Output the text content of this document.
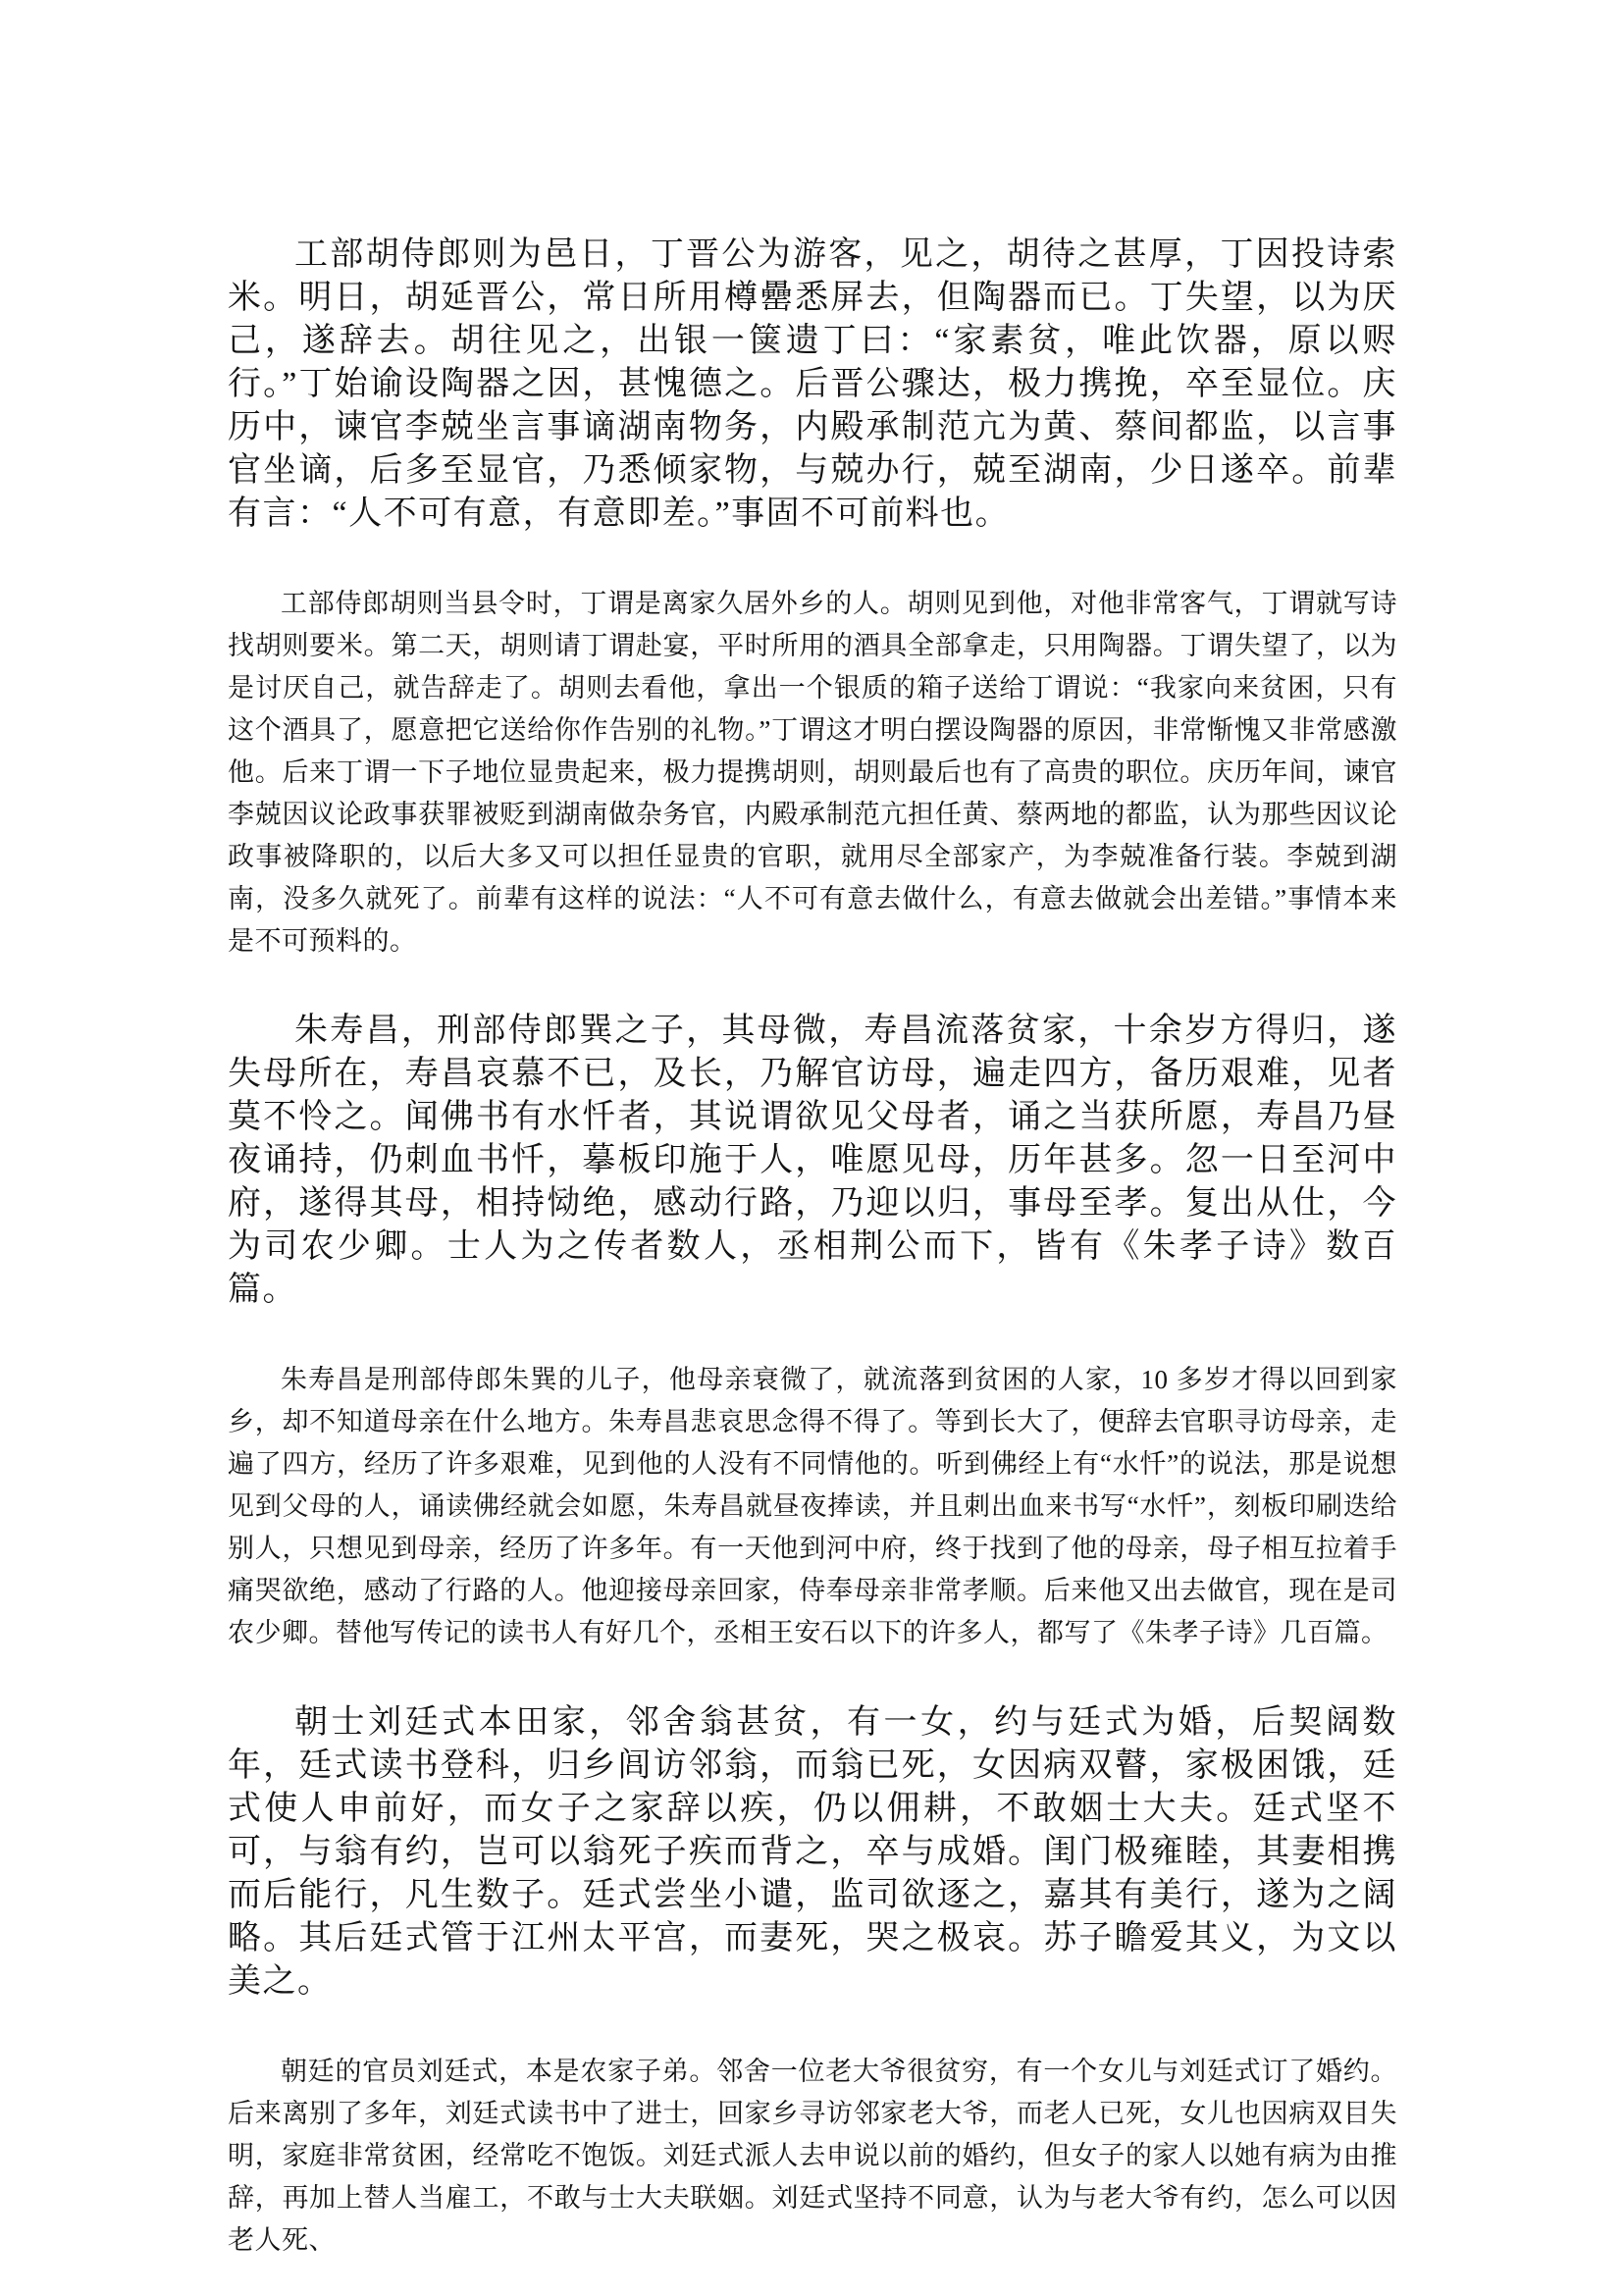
工部胡侍郎则为邑日，丁晋公为游客，见之，胡待之甚厚，丁因投诗索米。明日，胡延晋公，常日所用樽罍悉屏去，但陶器而已。丁失望，以为厌己，遂辞去。胡往见之，出银一箧遗丁曰：“家素贫，唯此饮器，原以赆行。”丁始谕设陶器之因，甚愧德之。后晋公骤达，极力携挽，卒至显位。庆历中，谏官李兢坐言事谪湖南物务，内殿承制范亢为黄、蔡间都监，以言事官坐谪，后多至显官，乃悉倾家物，与兢办行，兢至湖南，少日遂卒。前辈有言：“人不可有意，有意即差。”事固不可前料也。

工部侍郎胡则当县令时，丁谓是离家久居外乡的人。胡则见到他，对他非常客气，丁谓就写诗找胡则要米。第二天，胡则请丁谓赴宴，平时所用的酒具全部拿走，只用陶器。丁谓失望了，以为是讨厌自己，就告辞走了。胡则去看他，拿出一个银质的箱子送给丁谓说：“我家向来贫困，只有这个酒具了，愿意把它送给你作告别的礼物。”丁谓这才明白摆设陶器的原因，非常惭愧又非常感激他。后来丁谓一下子地位显贵起来，极力提携胡则，胡则最后也有了高贵的职位。庆历年间，谏官李兢因议论政事获罪被贬到湖南做杂务官，内殿承制范亢担任黄、蔡两地的都监，认为那些因议论政事被降职的，以后大多又可以担任显贵的官职，就用尽全部家产，为李兢准备行装。李兢到湖南，没多久就死了。前辈有这样的说法：“人不可有意去做什么，有意去做就会出差错。”事情本来是不可预料的。

朱寿昌，刑部侍郎巽之子，其母微，寿昌流落贫家，十余岁方得归，遂失母所在，寿昌哀慕不已，及长，乃解官访母，遍走四方，备历艰难，见者莫不怜之。闻佛书有水忏者，其说谓欲见父母者，诵之当获所愿，寿昌乃昼夜诵持，仍刺血书忏，摹板印施于人，唯愿见母，历年甚多。忽一日至河中府，遂得其母，相持恸绝，感动行路，乃迎以归，事母至孝。复出从仕，今为司农少卿。士人为之传者数人，丞相荆公而下，皆有《朱孝子诗》数百篇。

朱寿昌是刑部侍郎朱巽的儿子，他母亲衰微了，就流落到贫困的人家，10 多岁才得以回到家乡，却不知道母亲在什么地方。朱寿昌悲哀思念得不得了。等到长大了，便辞去官职寻访母亲，走遍了四方，经历了许多艰难，见到他的人没有不同情他的。听到佛经上有“水忏”的说法，那是说想见到父母的人，诵读佛经就会如愿，朱寿昌就昼夜捧读，并且刺出血来书写“水忏”，刻板印刷迭给别人，只想见到母亲，经历了许多年。有一天他到河中府，终于找到了他的母亲，母子相互拉着手痛哭欲绝，感动了行路的人。他迎接母亲回家，侍奉母亲非常孝顺。后来他又出去做官，现在是司农少卿。替他写传记的读书人有好几个，丞相王安石以下的许多人，都写了《朱孝子诗》几百篇。

朝士刘廷式本田家，邻舍翁甚贫，有一女，约与廷式为婚，后契阔数年，廷式读书登科，归乡闾访邻翁，而翁已死，女因病双瞽，家极困饿，廷式使人申前好，而女子之家辞以疾，仍以佣耕，不敢姻士大夫。廷式坚不可，与翁有约，岂可以翁死子疾而背之，卒与成婚。闺门极雍睦，其妻相携而后能行，凡生数子。廷式尝坐小谴，监司欲逐之，嘉其有美行，遂为之阔略。其后廷式管于江州太平宫，而妻死，哭之极哀。苏子瞻爱其义，为文以美之。

朝廷的官员刘廷式，本是农家子弟。邻舍一位老大爷很贫穷，有一个女儿与刘廷式订了婚约。后来离别了多年，刘廷式读书中了进士，回家乡寻访邻家老大爷，而老人已死，女儿也因病双目失明，家庭非常贫困，经常吃不饱饭。刘廷式派人去申说以前的婚约，但女子的家人以她有病为由推辞，再加上替人当雇工，不敢与士大夫联姻。刘廷式坚持不同意，认为与老大爷有约，怎么可以因老人死、
